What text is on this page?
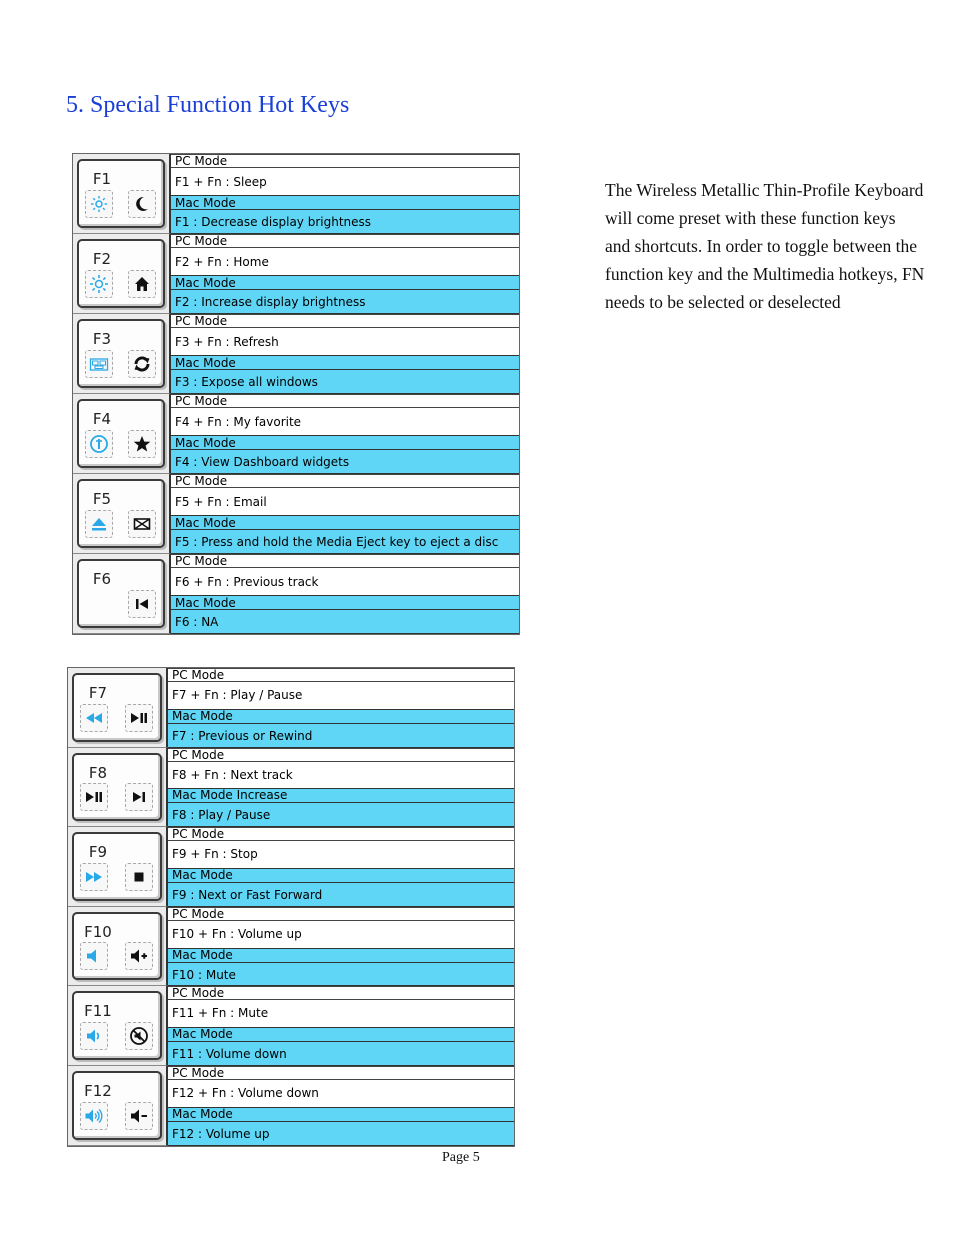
5. Special Function Hot Keys
The Wireless Metallic Thin-Profile Keyboard will come preset with these function keys and shortcuts. In order to toggle between the function key and the Multimedia hotkeys, FN needs to be selected or deselected
Page 5
F1
PC Mode
F1 + Fn : Sleep
Mac Mode
F1 : Decrease display brightness
F2
PC Mode
F2 + Fn : Home
Mac Mode
F2 : Increase display brightness
F3
PC Mode
F3 + Fn : Refresh
Mac Mode
F3 : Expose all windows
F4
PC Mode
F4 + Fn : My favorite
Mac Mode
F4 : View Dashboard widgets
F5
PC Mode
F5 + Fn : Email
Mac Mode
F5 : Press and hold the Media Eject key to eject a disc
F6
PC Mode
F6 + Fn : Previous track
Mac Mode
F6 : NA
F7
PC Mode
F7 + Fn : Play / Pause
Mac Mode
F7 : Previous or Rewind
F8
PC Mode
F8 + Fn : Next track
Mac Mode Increase
F8 : Play / Pause
F9
PC Mode
F9 + Fn : Stop
Mac Mode
F9 : Next or Fast Forward
F10
PC Mode
F10 + Fn : Volume up
Mac Mode
F10 : Mute
F11
PC Mode
F11 + Fn : Mute
Mac Mode
F11 : Volume down
F12
PC Mode
F12 + Fn : Volume down
Mac Mode
F12 : Volume up
